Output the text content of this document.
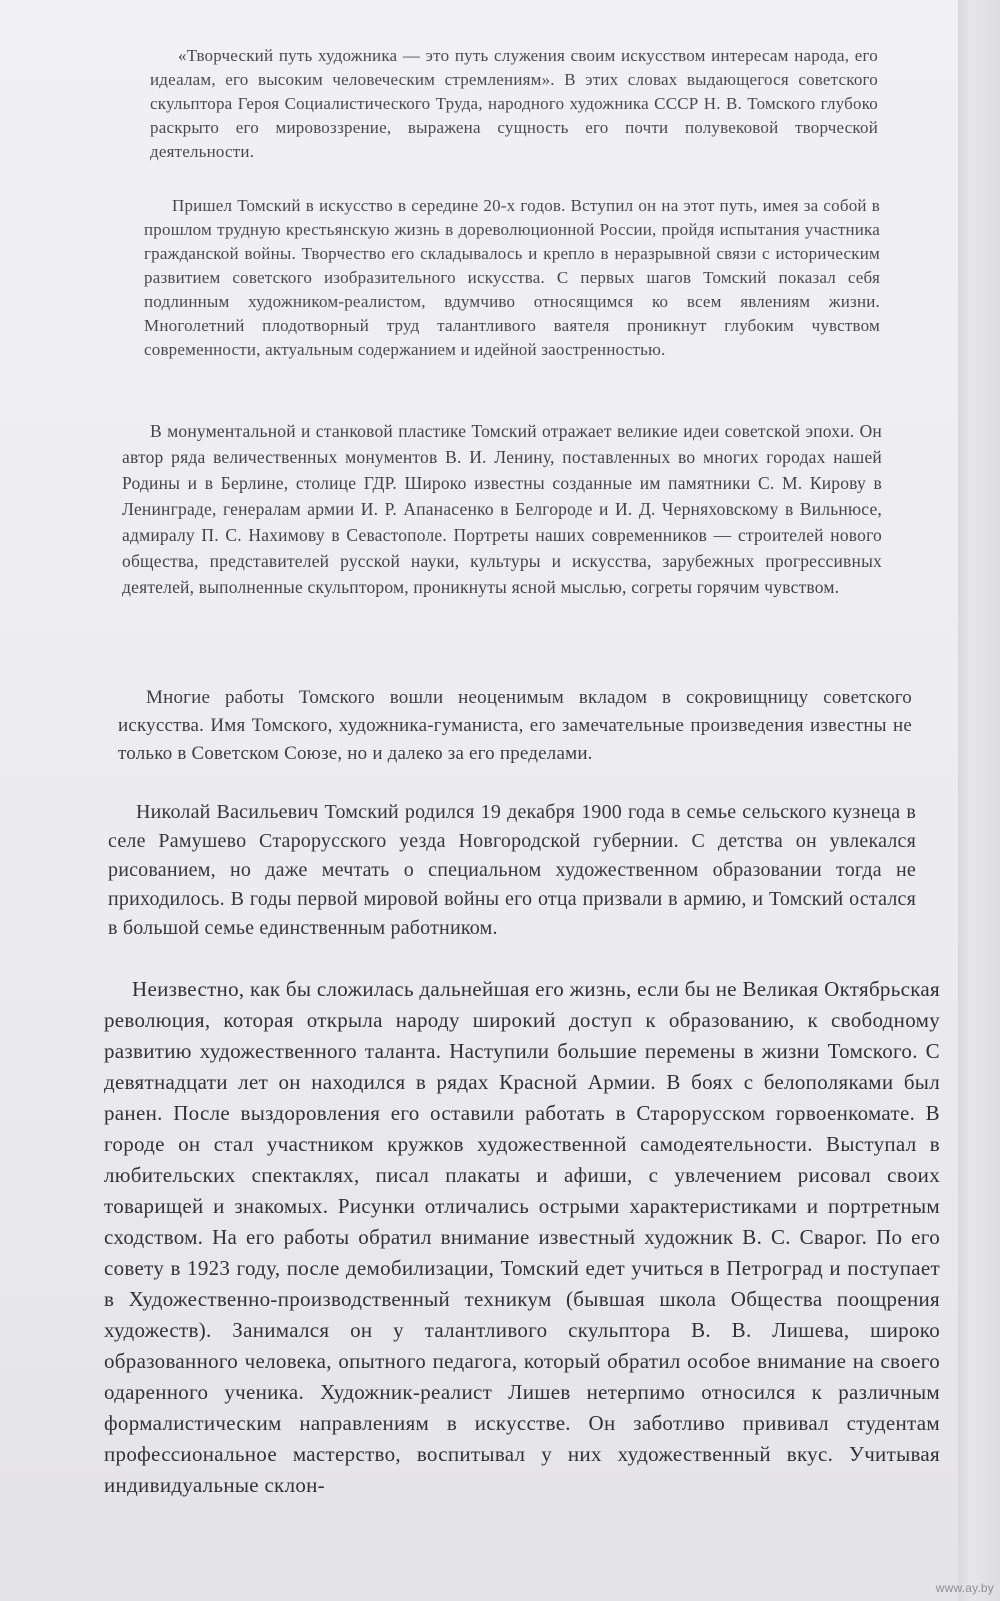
«Творческий путь художника — это путь служения своим искусством интересам народа, его идеалам, его высоким человеческим стремлениям». В этих словах выдающегося советского скульптора Героя Социалистического Труда, народного художника СССР Н. В. Томского глубоко раскрыто его мировоззрение, выражена сущность его почти полувековой творческой деятельности.

Пришел Томский в искусство в середине 20-х годов. Вступил он на этот путь, имея за собой в прошлом трудную крестьянскую жизнь в дореволюционной России, пройдя испытания участника гражданской войны. Творчество его складывалось и крепло в неразрывной связи с историческим развитием советского изобразительного искусства. С первых шагов Томский показал себя подлинным художником-реалистом, вдумчиво относящимся ко всем явлениям жизни. Многолетний плодотворный труд талантливого ваятеля проникнут глубоким чувством современности, актуальным содержанием и идейной заостренностью.

В монументальной и станковой пластике Томский отражает великие идеи советской эпохи. Он автор ряда величественных монументов В. И. Ленину, поставленных во многих городах нашей Родины и в Берлине, столице ГДР. Широко известны созданные им памятники С. М. Кирову в Ленинграде, генералам армии И. Р. Апанасенко в Белгороде и И. Д. Черняховскому в Вильнюсе, адмиралу П. С. Нахимову в Севастополе. Портреты наших современников — строителей нового общества, представителей русской науки, культуры и искусства, зарубежных прогрессивных деятелей, выполненные скульптором, проникнуты ясной мыслью, согреты горячим чувством.

Многие работы Томского вошли неоценимым вкладом в сокровищницу советского искусства. Имя Томского, художника-гуманиста, его замечательные произведения известны не только в Советском Союзе, но и далеко за его пределами.

Николай Васильевич Томский родился 19 декабря 1900 года в семье сельского кузнеца в селе Рамушево Старорусского уезда Новгородской губернии. С детства он увлекался рисованием, но даже мечтать о специальном художественном образовании тогда не приходилось. В годы первой мировой войны его отца призвали в армию, и Томский остался в большой семье единственным работником.

Неизвестно, как бы сложилась дальнейшая его жизнь, если бы не Великая Октябрьская революция, которая открыла народу широкий доступ к образованию, к свободному развитию художественного таланта. Наступили большие перемены в жизни Томского. С девятнадцати лет он находился в рядах Красной Армии. В боях с белополяками был ранен. После выздоровления его оставили работать в Старорусском горвоенкомате. В городе он стал участником кружков художественной самодеятельности. Выступал в любительских спектаклях, писал плакаты и афиши, с увлечением рисовал своих товарищей и знакомых. Рисунки отличались острыми характеристиками и портретным сходством. На его работы обратил внимание известный художник В. С. Сварог. По его совету в 1923 году, после демобилизации, Томский едет учиться в Петроград и поступает в Художественно-производственный техникум (бывшая школа Общества поощрения художеств). Занимался он у талантливого скульптора В. В. Лишева, широко образованного человека, опытного педагога, который обратил особое внимание на своего одаренного ученика. Художник-реалист Лишев нетерпимо относился к различным формалистическим направлениям в искусстве. Он заботливо прививал студентам профессиональное мастерство, воспитывал у них художественный вкус. Учитывая индивидуальные склон-

www.ay.by
